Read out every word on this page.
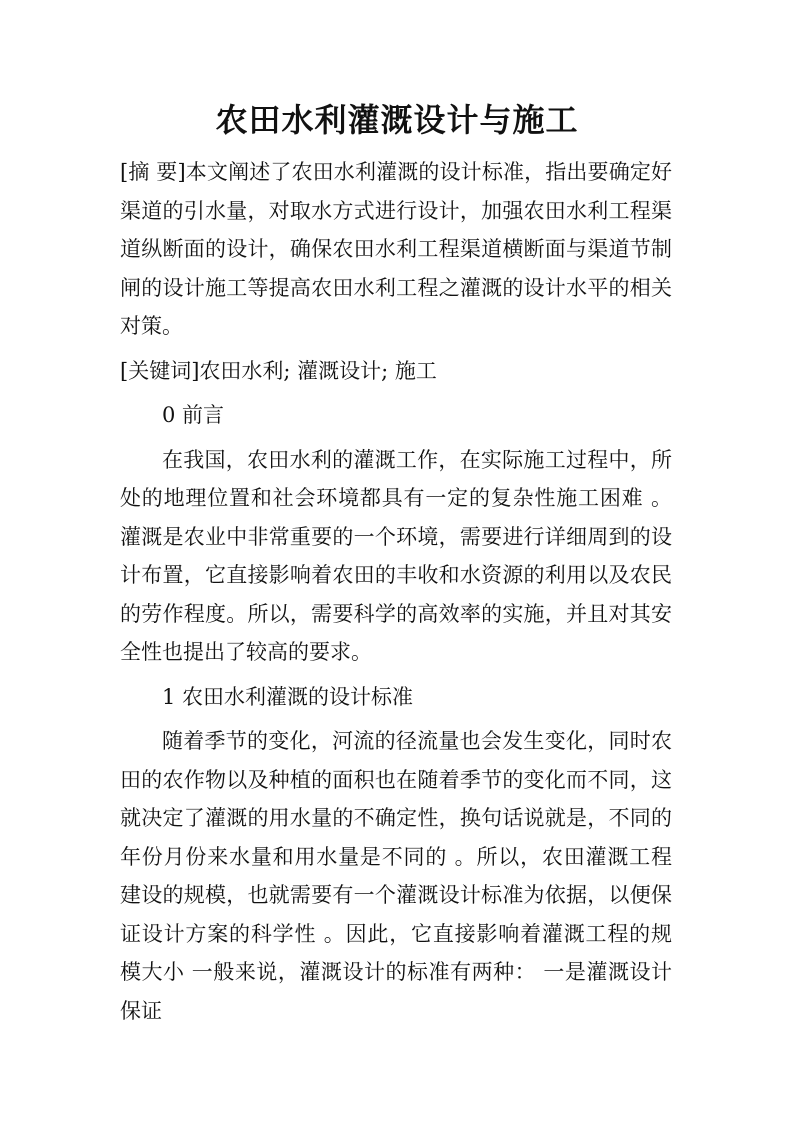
农田水利灌溉设计与施工

[摘 要]本文阐述了农田水利灌溉的设计标准，指出要确定好渠道的引水量，对取水方式进行设计，加强农田水利工程渠道纵断面的设计，确保农田水利工程渠道横断面与渠道节制闸的设计施工等提高农田水利工程之灌溉的设计水平的相关对策。

[关键词]农田水利; 灌溉设计; 施工

0 前言

在我国，农田水利的灌溉工作，在实际施工过程中，所处的地理位置和社会环境都具有一定的复杂性施工困难 。灌溉是农业中非常重要的一个环境，需要进行详细周到的设计布置，它直接影响着农田的丰收和水资源的利用以及农民的劳作程度。所以，需要科学的高效率的实施，并且对其安全性也提出了较高的要求。

1 农田水利灌溉的设计标准

随着季节的变化，河流的径流量也会发生变化，同时农田的农作物以及种植的面积也在随着季节的变化而不同，这就决定了灌溉的用水量的不确定性，换句话说就是，不同的年份月份来水量和用水量是不同的 。所以，农田灌溉工程建设的规模，也就需要有一个灌溉设计标准为依据，以便保证设计方案的科学性 。因此，它直接影响着灌溉工程的规模大小 一般来说，灌溉设计的标准有两种： 一是灌溉设计保证
